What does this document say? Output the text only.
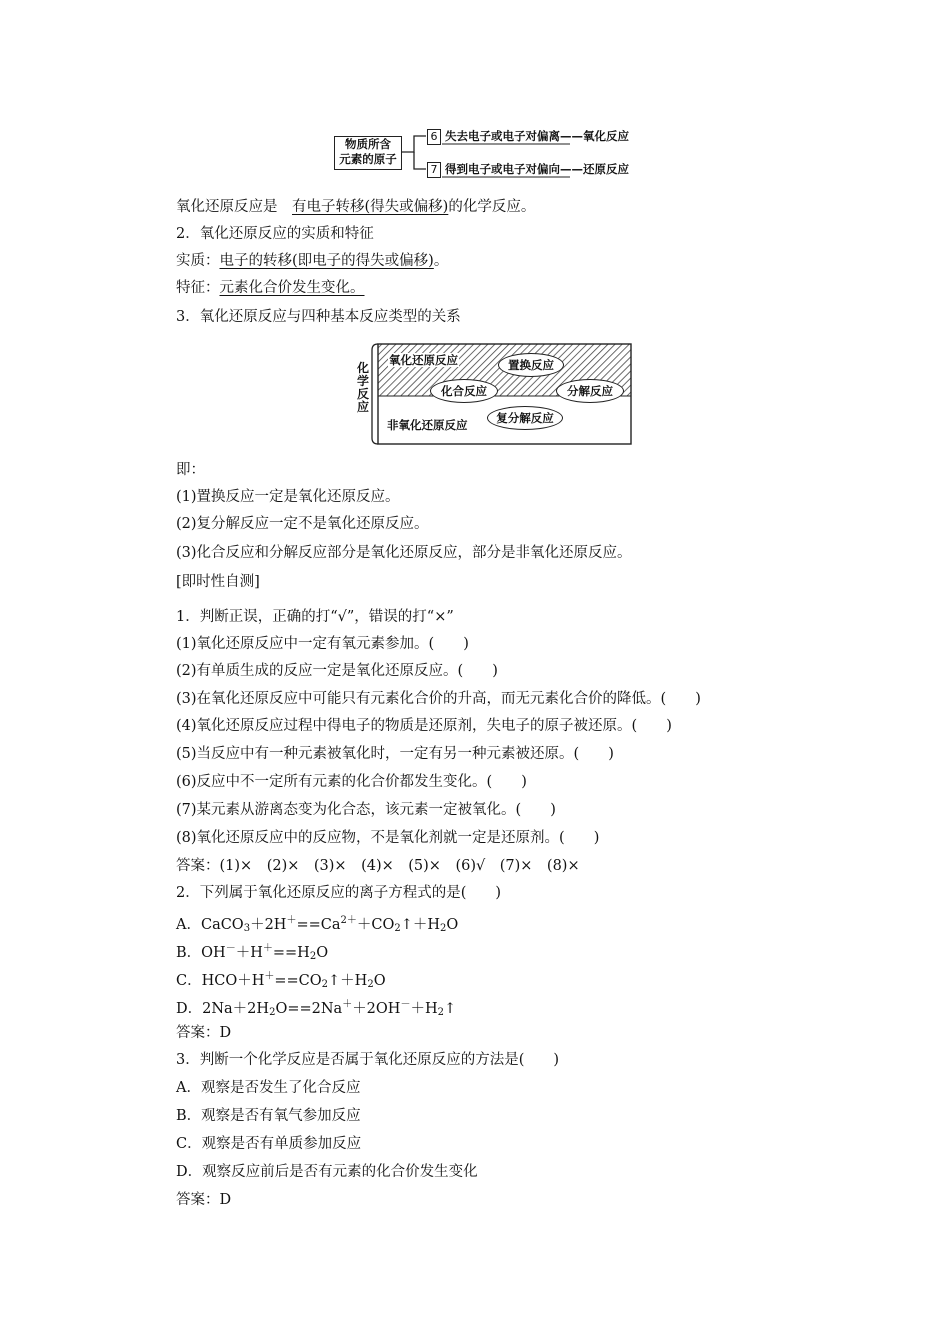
物质所含
元素的原子
6 失去电子或电子对偏离——氧化反应
7 得到电子或电子对偏向——还原反应
氧化还原反应是　有电子转移(得失或偏移)的化学反应。
2．氧化还原反应的实质和特征
实质：电子的转移(即电子的得失或偏移)。
特征：元素化合价发生变化。
3．氧化还原反应与四种基本反应类型的关系
化
学
反
应
氧化还原反应
非氧化还原反应
置换反应
化合反应	分解反应
复分解反应
即：
(1)置换反应一定是氧化还原反应。
(2)复分解反应一定不是氧化还原反应。
(3)化合反应和分解反应部分是氧化还原反应，部分是非氧化还原反应。
[即时性自测]
1．判断正误，正确的打“√”，错误的打“×”
(1)氧化还原反应中一定有氧元素参加。(　　)
(2)有单质生成的反应一定是氧化还原反应。(　　)
(3)在氧化还原反应中可能只有元素化合价的升高，而无元素化合价的降低。(　　)
(4)氧化还原反应过程中得电子的物质是还原剂，失电子的原子被还原。(　　)
(5)当反应中有一种元素被氧化时，一定有另一种元素被还原。(　　)
(6)反应中不一定所有元素的化合价都发生变化。(　　)
(7)某元素从游离态变为化合态，该元素一定被氧化。(　　)
(8)氧化还原反应中的反应物，不是氧化剂就一定是还原剂。(　　)
答案：(1)×　(2)×　(3)×　(4)×　(5)×　(6)√　(7)×　(8)×
2．下列属于氧化还原反应的离子方程式的是(　　)
A．$CaCO_3+2H^+==Ca^{2+}+CO_2↑+H_2O$
B．$OH^-+H^+==H_2O$
C．$HCO+H^+==CO_2↑+H_2O$
D．$2Na+2H_2O==2Na^++2OH^-+H_2↑$
答案：D
3．判断一个化学反应是否属于氧化还原反应的方法是(　　)
A．观察是否发生了化合反应
B．观察是否有氧气参加反应
C．观察是否有单质参加反应
D．观察反应前后是否有元素的化合价发生变化
答案：D
